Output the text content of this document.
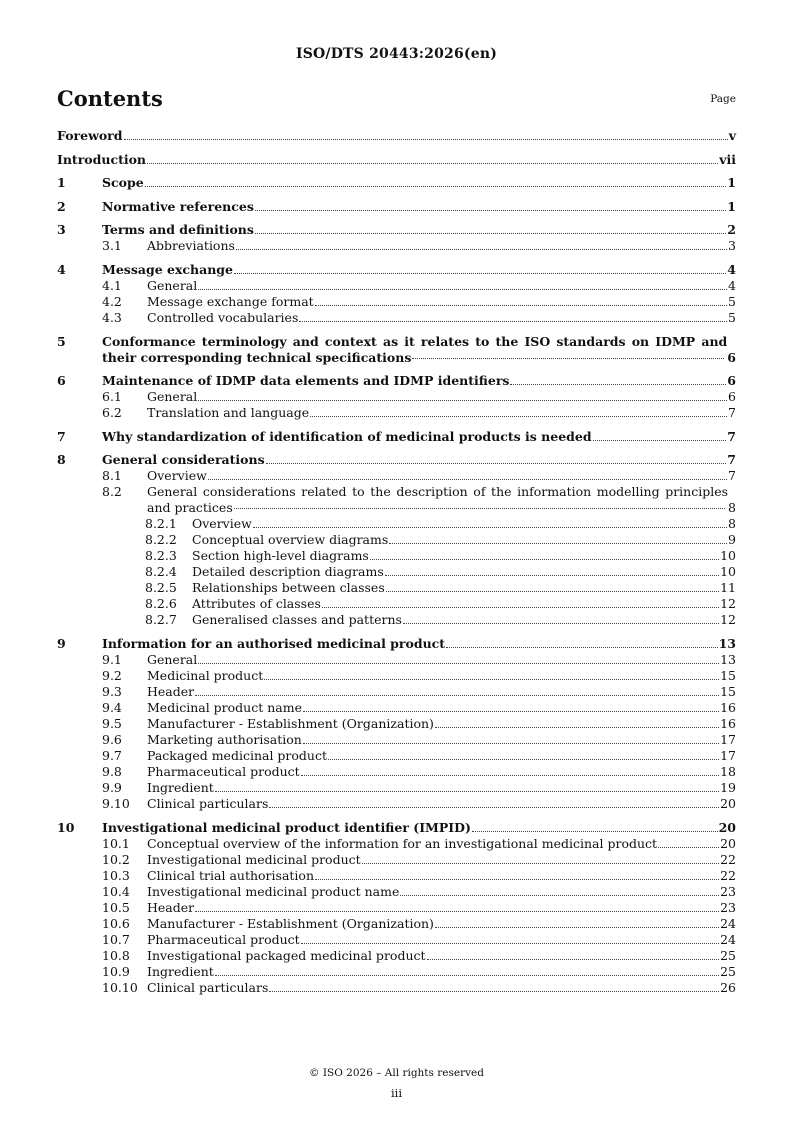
ISO/DTS 20443:2026(en)
Contents	Page
Foreword	v
Introduction	vii
1	Scope	1
2	Normative references	1
3	Terms and definitions	2
3.1 Abbreviations	3
4	Message exchange	4
4.1 General	4
4.2 Message exchange format	5
4.3 Controlled vocabularies	5
5	Conformance terminology and context as it relates to the ISO standards on IDMP and their corresponding technical specifications	6
6	Maintenance of IDMP data elements and IDMP identifiers	6
6.1 General	6
6.2 Translation and language	7
7	Why standardization of identification of medicinal products is needed	7
8	General considerations	7
8.1 Overview	7
8.2 General considerations related to the description of the information modelling principles and practices	8
8.2.1 Overview	8
8.2.2 Conceptual overview diagrams	9
8.2.3 Section high-level diagrams	10
8.2.4 Detailed description diagrams	10
8.2.5 Relationships between classes	11
8.2.6 Attributes of classes	12
8.2.7 Generalised classes and patterns	12
9	Information for an authorised medicinal product	13
9.1 General	13
9.2 Medicinal product	15
9.3 Header	15
9.4 Medicinal product name	16
9.5 Manufacturer - Establishment (Organization)	16
9.6 Marketing authorisation	17
9.7 Packaged medicinal product	17
9.8 Pharmaceutical product	18
9.9 Ingredient	19
9.10 Clinical particulars	20
10 Investigational medicinal product identifier (IMPID)	20
10.1 Conceptual overview of the information for an investigational medicinal product	20
10.2 Investigational medicinal product	22
10.3 Clinical trial authorisation	22
10.4 Investigational medicinal product name	23
10.5 Header	23
10.6 Manufacturer - Establishment (Organization)	24
10.7 Pharmaceutical product	24
10.8 Investigational packaged medicinal product	25
10.9 Ingredient	25
10.10 Clinical particulars	26
© ISO 2026 – All rights reserved
iii
